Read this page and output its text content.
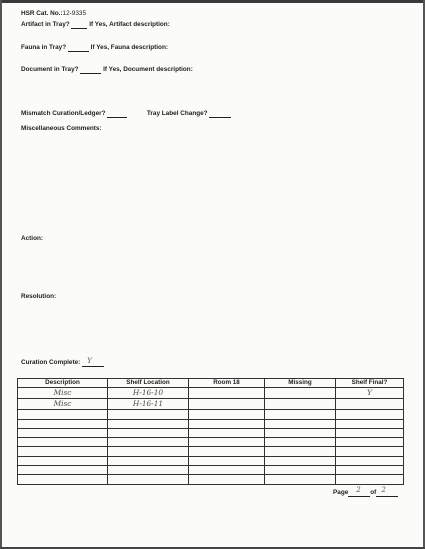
HSR Cat. No.:12-9335
Artifact in Tray?	If Yes, Artifact description:
Fauna in Tray?	If Yes, Fauna description:
Document in Tray?	If Yes, Document description:
Mismatch Curation/Ledger?	Tray Label Change?
Miscellaneous Comments:
Action:
Resolution:
Curation Complete: Y
Description	Shelf Location	Room 18	Missing	Shelf Final?
Misc	H-16-10			Y
Misc	H-16-11			

Page 2 of 2
